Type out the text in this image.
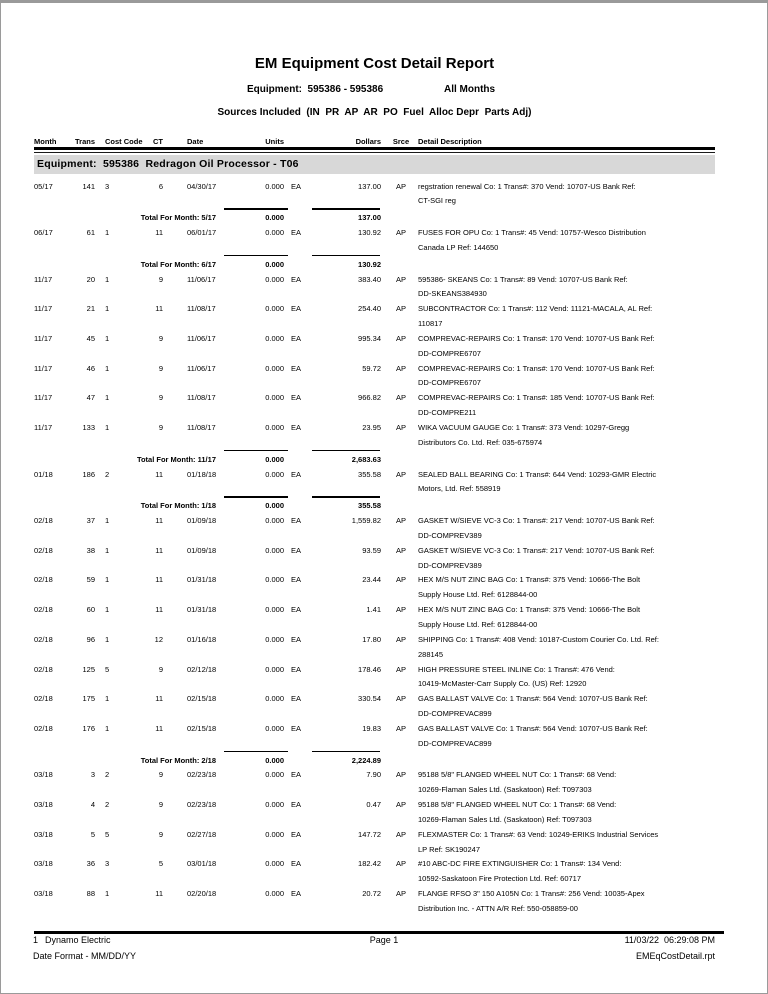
EM Equipment Cost Detail Report
Equipment:  595386 - 595386	All Months
Sources Included  (IN  PR  AP  AR  PO  Fuel  Alloc Depr  Parts Adj)
Month	Trans Cost Code	CT	Date	Units	Dollars	Srce	Detail Description
Equipment:  595386  Redragon Oil Processor - T06
05/17	141 3	6	04/30/17	0.000 EA	137.00	AP	regstration renewal Co: 1 Trans#: 370 Vend: 10707-US Bank Ref:
CT-SGI reg
Total For Month: 5/17	0.000	137.00
06/17	61 1	11	06/01/17	0.000 EA	130.92	AP	FUSES FOR OPU Co: 1 Trans#: 45 Vend: 10757-Wesco Distribution
Canada LP Ref: 144650
Total For Month: 6/17	0.000	130.92
11/17	20 1	9	11/06/17	0.000 EA	383.40	AP	595386- SKEANS Co: 1 Trans#: 89 Vend: 10707-US Bank Ref:
DD-SKEANS384930
11/17	21 1	11	11/08/17	0.000 EA	254.40	AP	SUBCONTRACTOR Co: 1 Trans#: 112 Vend: 11121-MACALA, AL Ref:
110817
11/17	45 1	9	11/06/17	0.000 EA	995.34	AP	COMPREVAC-REPAIRS Co: 1 Trans#: 170 Vend: 10707-US Bank Ref:
DD-COMPRE6707
11/17	46 1	9	11/06/17	0.000 EA	59.72	AP	COMPREVAC-REPAIRS Co: 1 Trans#: 170 Vend: 10707-US Bank Ref:
DD-COMPRE6707
11/17	47 1	9	11/08/17	0.000 EA	966.82	AP	COMPREVAC-REPAIRS Co: 1 Trans#: 185 Vend: 10707-US Bank Ref:
DD-COMPRE211
11/17	133 1	9	11/08/17	0.000 EA	23.95	AP	WIKA VACUUM GAUGE Co: 1 Trans#: 373 Vend: 10297-Gregg
Distributors Co. Ltd. Ref: 035-675974
Total For Month: 11/17	0.000	2,683.63
01/18	186 2	11	01/18/18	0.000 EA	355.58	AP	SEALED BALL BEARING Co: 1 Trans#: 644 Vend: 10293-GMR Electric
Motors, Ltd. Ref: 558919
Total For Month: 1/18	0.000	355.58
02/18	37 1	11	01/09/18	0.000 EA	1,559.82	AP	GASKET W/SIEVE VC-3 Co: 1 Trans#: 217 Vend: 10707-US Bank Ref:
DD-COMPREV389
02/18	38 1	11	01/09/18	0.000 EA	93.59	AP	GASKET W/SIEVE VC-3 Co: 1 Trans#: 217 Vend: 10707-US Bank Ref:
DD-COMPREV389
02/18	59 1	11	01/31/18	0.000 EA	23.44	AP	HEX M/S NUT ZINC BAG Co: 1 Trans#: 375 Vend: 10666-The Bolt
Supply House Ltd. Ref: 6128844-00
02/18	60 1	11	01/31/18	0.000 EA	1.41	AP	HEX M/S NUT ZINC BAG Co: 1 Trans#: 375 Vend: 10666-The Bolt
Supply House Ltd. Ref: 6128844-00
02/18	96 1	12	01/16/18	0.000 EA	17.80	AP	SHIPPING Co: 1 Trans#: 408 Vend: 10187-Custom Courier Co. Ltd. Ref:
288145
02/18	125 5	9	02/12/18	0.000 EA	178.46	AP	HIGH PRESSURE STEEL INLINE Co: 1 Trans#: 476 Vend:
10419-McMaster-Carr Supply Co. (US) Ref: 12920
02/18	175 1	11	02/15/18	0.000 EA	330.54	AP	GAS BALLAST VALVE Co: 1 Trans#: 564 Vend: 10707-US Bank Ref:
DD-COMPREVAC899
02/18	176 1	11	02/15/18	0.000 EA	19.83	AP	GAS BALLAST VALVE Co: 1 Trans#: 564 Vend: 10707-US Bank Ref:
DD-COMPREVAC899
Total For Month: 2/18	0.000	2,224.89
03/18	3 2	9	02/23/18	0.000 EA	7.90	AP	95188 5/8" FLANGED WHEEL NUT Co: 1 Trans#: 68 Vend:
10269-Flaman Sales Ltd. (Saskatoon) Ref: T097303
03/18	4 2	9	02/23/18	0.000 EA	0.47	AP	95188 5/8" FLANGED WHEEL NUT Co: 1 Trans#: 68 Vend:
10269-Flaman Sales Ltd. (Saskatoon) Ref: T097303
03/18	5 5	9	02/27/18	0.000 EA	147.72	AP	FLEXMASTER Co: 1 Trans#: 63 Vend: 10249-ERIKS Industrial Services
LP Ref: SK190247
03/18	36 3	5	03/01/18	0.000 EA	182.42	AP	#10 ABC-DC FIRE EXTINGUISHER Co: 1 Trans#: 134 Vend:
10592-Saskatoon Fire Protection Ltd. Ref: 60717
03/18	88 1	11	02/20/18	0.000 EA	20.72	AP	FLANGE RFSO 3" 150 A105N Co: 1 Trans#: 256 Vend: 10035-Apex
Distribution Inc. - ATTN A/R Ref: 550-058859-00
1 Dynamo Electric	Page 1	11/03/22  06:29:08 PM
Date Format - MM/DD/YY	EMEqCostDetail.rpt
